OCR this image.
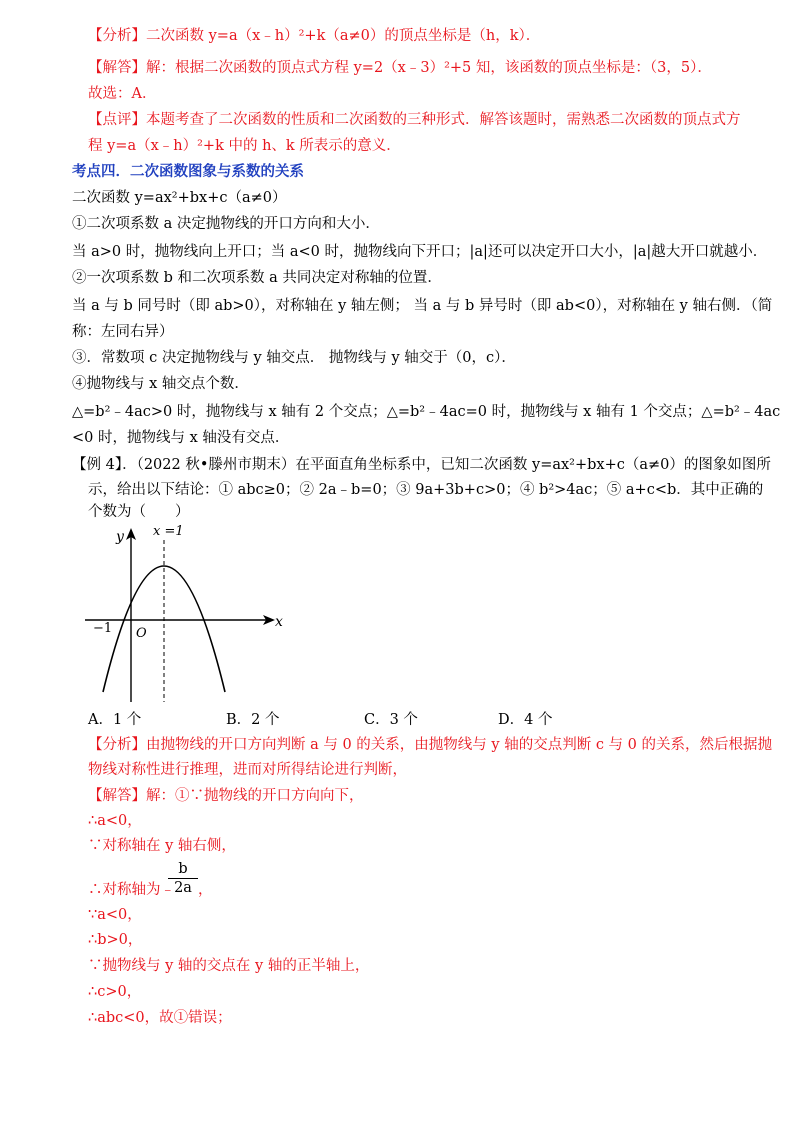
【分析】二次函数 y=a（x﹣h）²+k（a≠0）的顶点坐标是（h，k）．
【解答】解：根据二次函数的顶点式方程 y=2（x﹣3）²+5 知，该函数的顶点坐标是：（3，5）．
故选：A．
【点评】本题考查了二次函数的性质和二次函数的三种形式．解答该题时，需熟悉二次函数的顶点式方
程 y=a（x﹣h）²+k 中的 h、k 所表示的意义．
考点四．二次函数图象与系数的关系
二次函数 y=ax²+bx+c（a≠0）
①二次项系数 a 决定抛物线的开口方向和大小．
当 a>0 时，抛物线向上开口；当 a<0 时，抛物线向下开口；|a|还可以决定开口大小，|a|越大开口就越小．
②一次项系数 b 和二次项系数 a 共同决定对称轴的位置．
当 a 与 b 同号时（即 ab>0），对称轴在 y 轴左侧； 当 a 与 b 异号时（即 ab<0），对称轴在 y 轴右侧．（简
称：左同右异）
③．常数项 c 决定抛物线与 y 轴交点． 抛物线与 y 轴交于（0，c）．
④抛物线与 x 轴交点个数．
△=b²﹣4ac>0 时，抛物线与 x 轴有 2 个交点；△=b²﹣4ac=0 时，抛物线与 x 轴有 1 个交点；△=b²﹣4ac
<0 时，抛物线与 x 轴没有交点．
【例 4】．（2022 秋•滕州市期末）在平面直角坐标系中，已知二次函数 y=ax²+bx+c（a≠0）的图象如图所
示，给出以下结论：① abc≥0；② 2a﹣b=0；③ 9a+3b+c>0；④ b²>4ac；⑤ a+c<b．其中正确的
个数为（　　）
x
y
O
−1
x =1
A．1 个	B．2 个	C．3 个	D．4 个
【分析】由抛物线的开口方向判断 a 与 0 的关系，由抛物线与 y 轴的交点判断 c 与 0 的关系，然后根据抛
物线对称性进行推理，进而对所得结论进行判断，
【解答】解：①∵抛物线的开口方向向下，
∴a<0，
∵对称轴在 y 轴右侧，
∴对称轴为﹣
$\frac{b}{2a}$ ，
∵a<0，
∴b>0，
∵抛物线与 y 轴的交点在 y 轴的正半轴上，
∴c>0，
∴abc<0，故①错误；
